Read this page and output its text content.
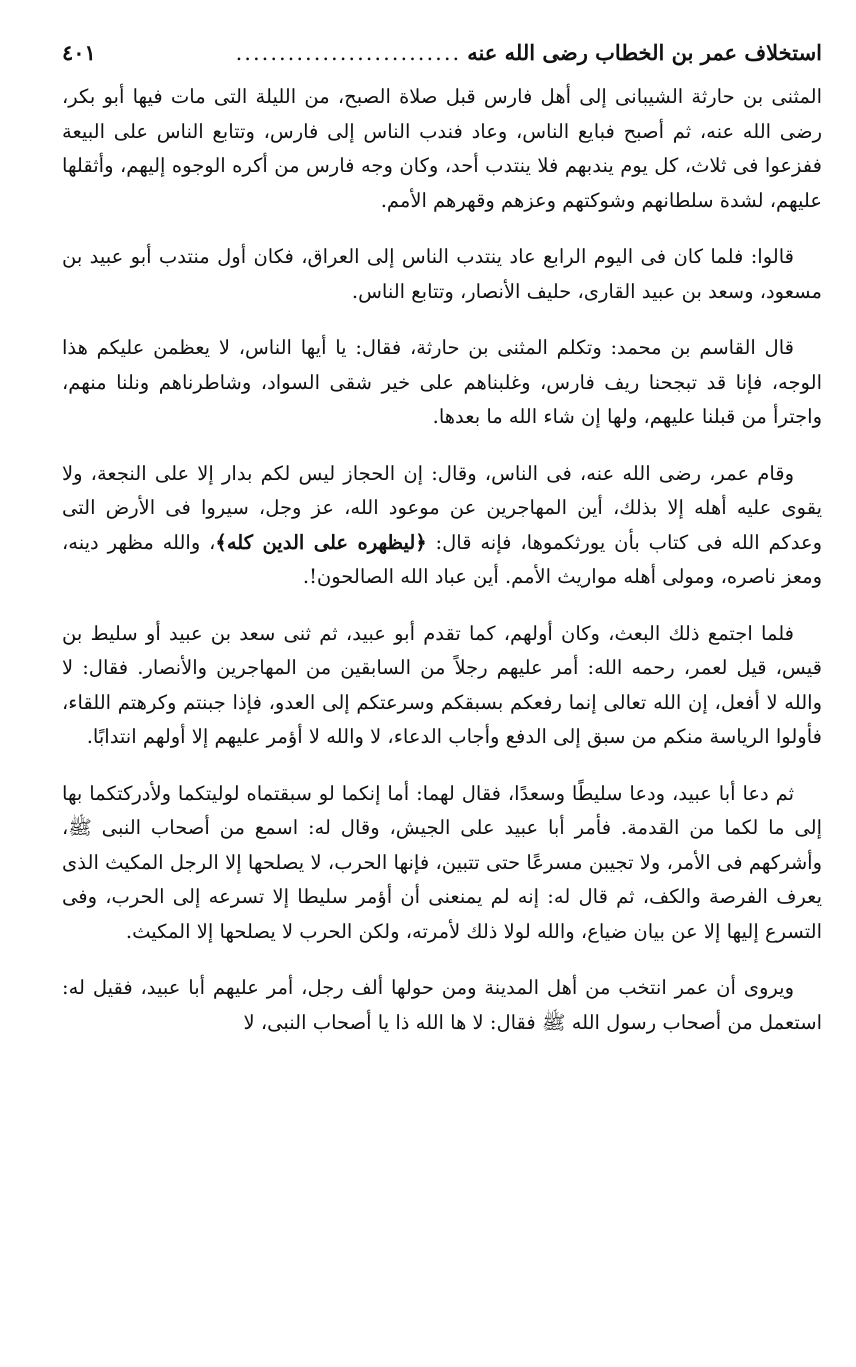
استخلاف عمر بن الخطاب رضى الله عنه
..........................
٤٠١

المثنى بن حارثة الشيبانى إلى أهل فارس قبل صلاة الصبح، من الليلة التى مات فيها أبو بكر، رضى الله عنه، ثم أصبح فبايع الناس، وعاد فندب الناس إلى فارس، وتتابع الناس على البيعة ففزعوا فى ثلاث، كل يوم يندبهم فلا ينتدب أحد، وكان وجه فارس من أكره الوجوه إليهم، وأثقلها عليهم، لشدة سلطانهم وشوكتهم وعزهم وقهرهم الأمم.

قالوا: فلما كان فى اليوم الرابع عاد ينتدب الناس إلى العراق، فكان أول منتدب أبو عبيد بن مسعود، وسعد بن عبيد القارى، حليف الأنصار، وتتابع الناس.

قال القاسم بن محمد: وتكلم المثنى بن حارثة، فقال: يا أيها الناس، لا يعظمن عليكم هذا الوجه، فإنا قد تبجحنا ريف فارس، وغلبناهم على خير شقى السواد، وشاطرناهم ونلنا منهم، واجترأ من قبلنا عليهم، ولها إن شاء الله ما بعدها.

وقام عمر، رضى الله عنه، فى الناس، وقال: إن الحجاز ليس لكم بدار إلا على النجعة، ولا يقوى عليه أهله إلا بذلك، أين المهاجرين عن موعود الله، عز وجل، سيروا فى الأرض التى وعدكم الله فى كتاب بأن يورثكموها، فإنه قال: ﴿ليظهره على الدين كله﴾، والله مظهر دينه، ومعز ناصره، ومولى أهله مواريث الأمم. أين عباد الله الصالحون!.

فلما اجتمع ذلك البعث، وكان أولهم، كما تقدم أبو عبيد، ثم ثنى سعد بن عبيد أو سليط بن قيس، قيل لعمر، رحمه الله: أمر عليهم رجلاً من السابقين من المهاجرين والأنصار. فقال: لا والله لا أفعل، إن الله تعالى إنما رفعكم بسبقكم وسرعتكم إلى العدو، فإذا جبنتم وكرهتم اللقاء، فأولوا الرياسة منكم من سبق إلى الدفع وأجاب الدعاء، لا والله لا أؤمر عليهم إلا أولهم انتدابًا.

ثم دعا أبا عبيد، ودعا سليطًا وسعدًا، فقال لهما: أما إنكما لو سبقتماه لوليتكما ولأدركتكما بها إلى ما لكما من القدمة. فأمر أبا عبيد على الجيش، وقال له: اسمع من أصحاب النبى ﷺ، وأشركهم فى الأمر، ولا تجيبن مسرعًا حتى تتبين، فإنها الحرب، لا يصلحها إلا الرجل المكيث الذى يعرف الفرصة والكف، ثم قال له: إنه لم يمنعنى أن أؤمر سليطا إلا تسرعه إلى الحرب، وفى التسرع إليها إلا عن بيان ضياع، والله لولا ذلك لأمرته، ولكن الحرب لا يصلحها إلا المكيث.

ويروى أن عمر انتخب من أهل المدينة ومن حولها ألف رجل، أمر عليهم أبا عبيد، فقيل له: استعمل من أصحاب رسول الله ﷺ فقال: لا ها الله ذا يا أصحاب النبى، لا
